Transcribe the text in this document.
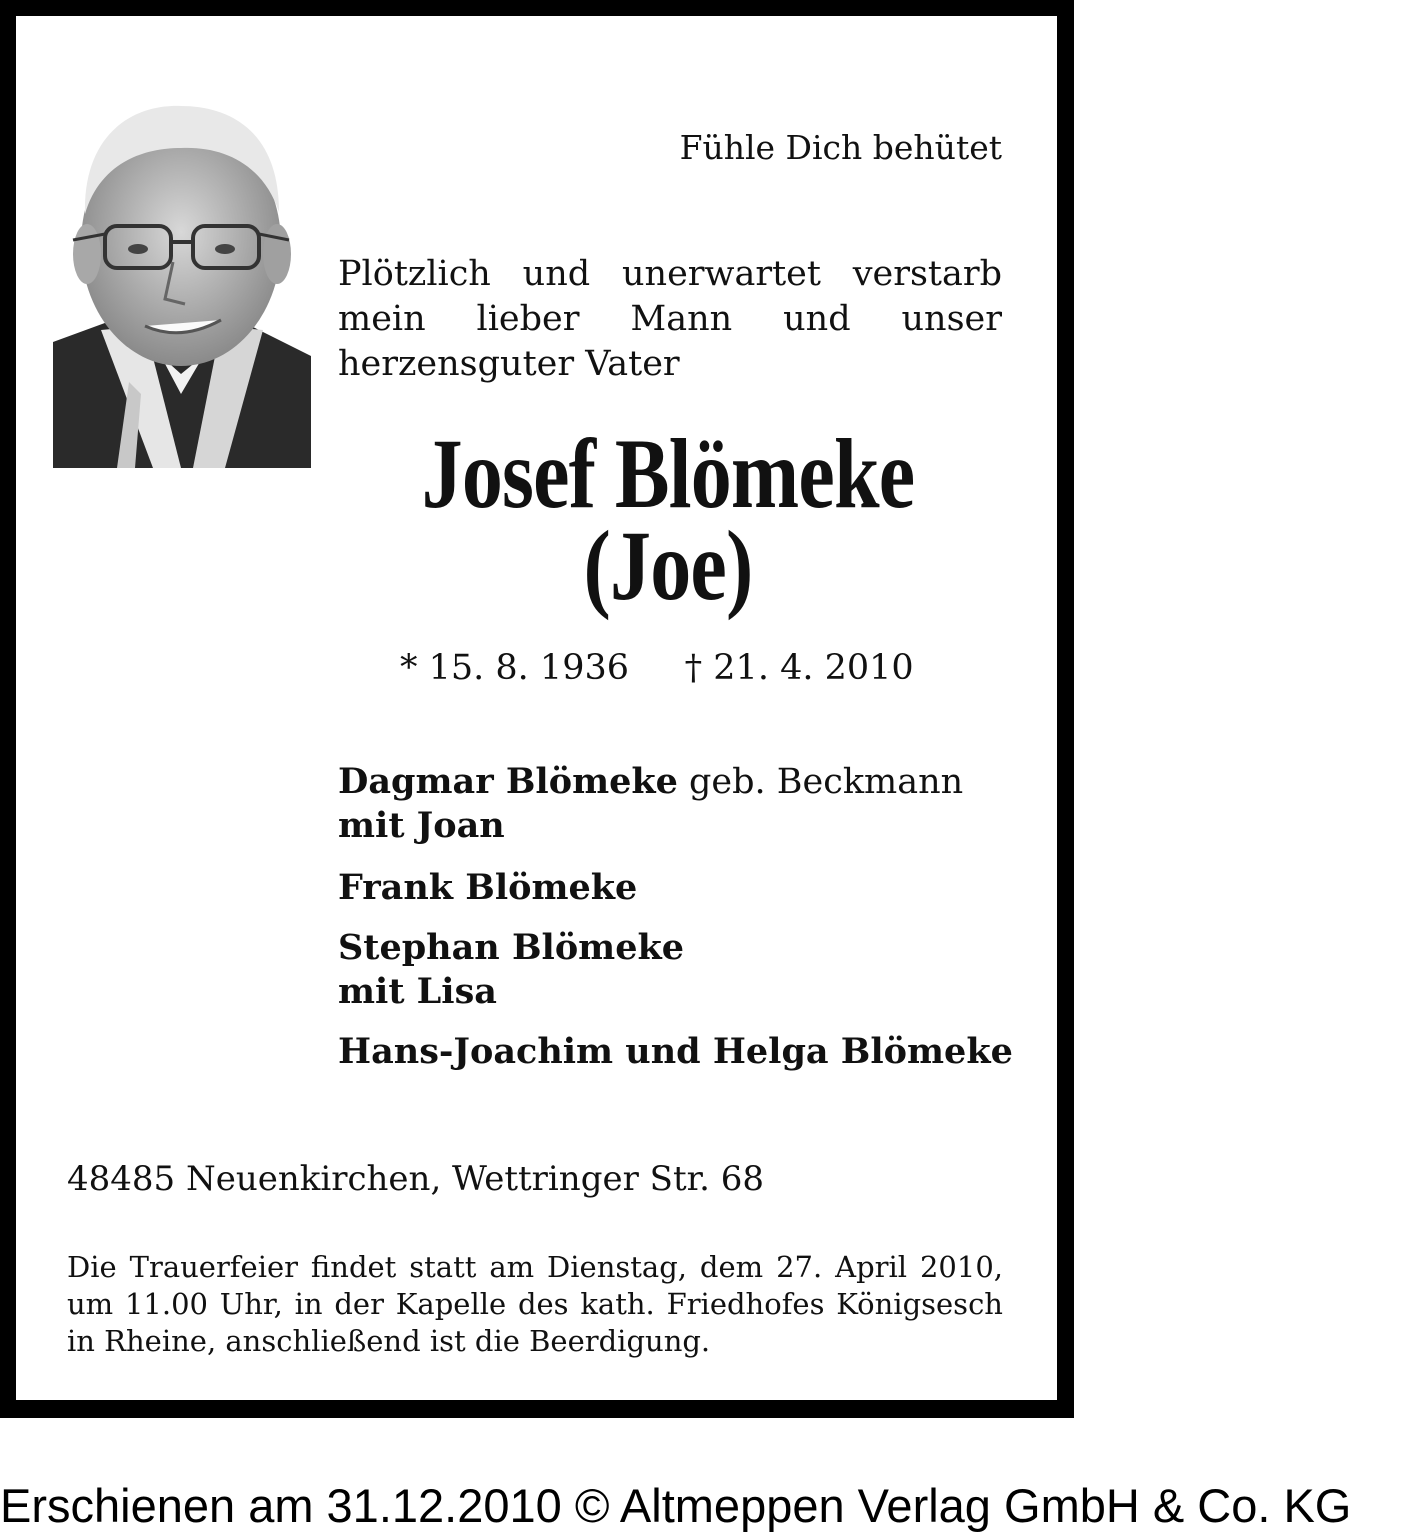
Fühle Dich behütet
Plötzlich und unerwartet verstarb mein lieber Mann und unser herzensguter Vater
Josef Blömeke
(Joe)
* 15. 8. 1936 † 21. 4. 2010
Dagmar Blömeke geb. Beckmann
mit Joan
Frank Blömeke
Stephan Blömeke
mit Lisa
Hans-Joachim und Helga Blömeke
48485 Neuenkirchen, Wettringer Str. 68
Die Trauerfeier findet statt am Dienstag, dem 27. April 2010, um 11.00 Uhr, in der Kapelle des kath. Friedhofes Königsesch in Rheine, anschließend ist die Beerdigung.
Erschienen am 31.12.2010 © Altmeppen Verlag GmbH & Co. KG
